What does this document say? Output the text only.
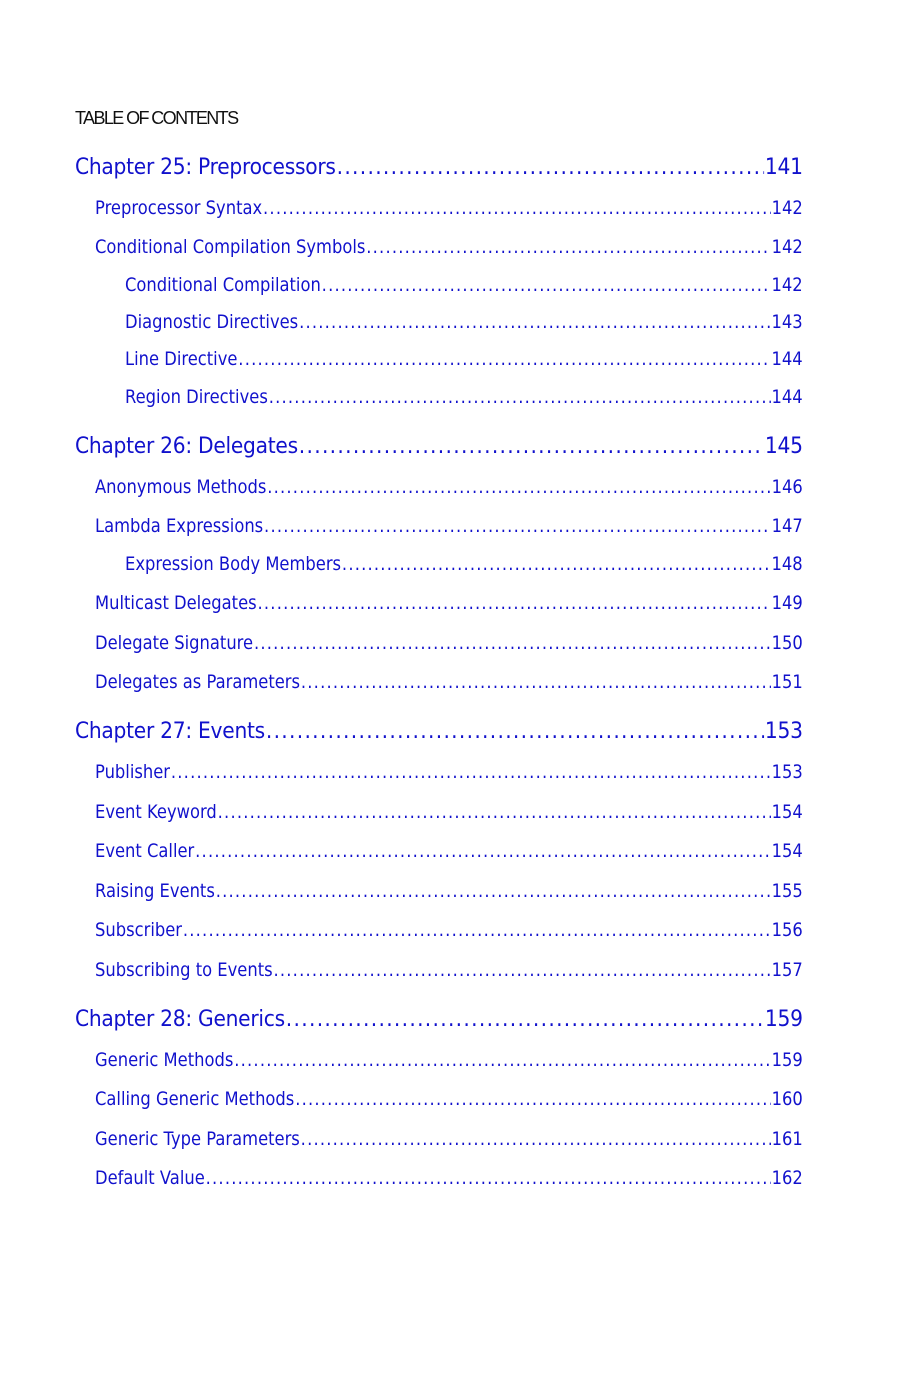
TABLE OF CONTENTS
Chapter 25: Preprocessors .....	141
Preprocessor Syntax .....	142
Conditional Compilation Symbols .....	142
Conditional Compilation .....	142
Diagnostic Directives .....	143
Line Directive .....	144
Region Directives .....	144
Chapter 26: Delegates .....	145
Anonymous Methods .....	146
Lambda Expressions .....	147
Expression Body Members .....	148
Multicast Delegates .....	149
Delegate Signature .....	150
Delegates as Parameters .....	151
Chapter 27: Events .....	153
Publisher .....	153
Event Keyword .....	154
Event Caller .....	154
Raising Events .....	155
Subscriber .....	156
Subscribing to Events .....	157
Chapter 28: Generics .....	159
Generic Methods .....	159
Calling Generic Methods .....	160
Generic Type Parameters .....	161
Default Value .....	162
